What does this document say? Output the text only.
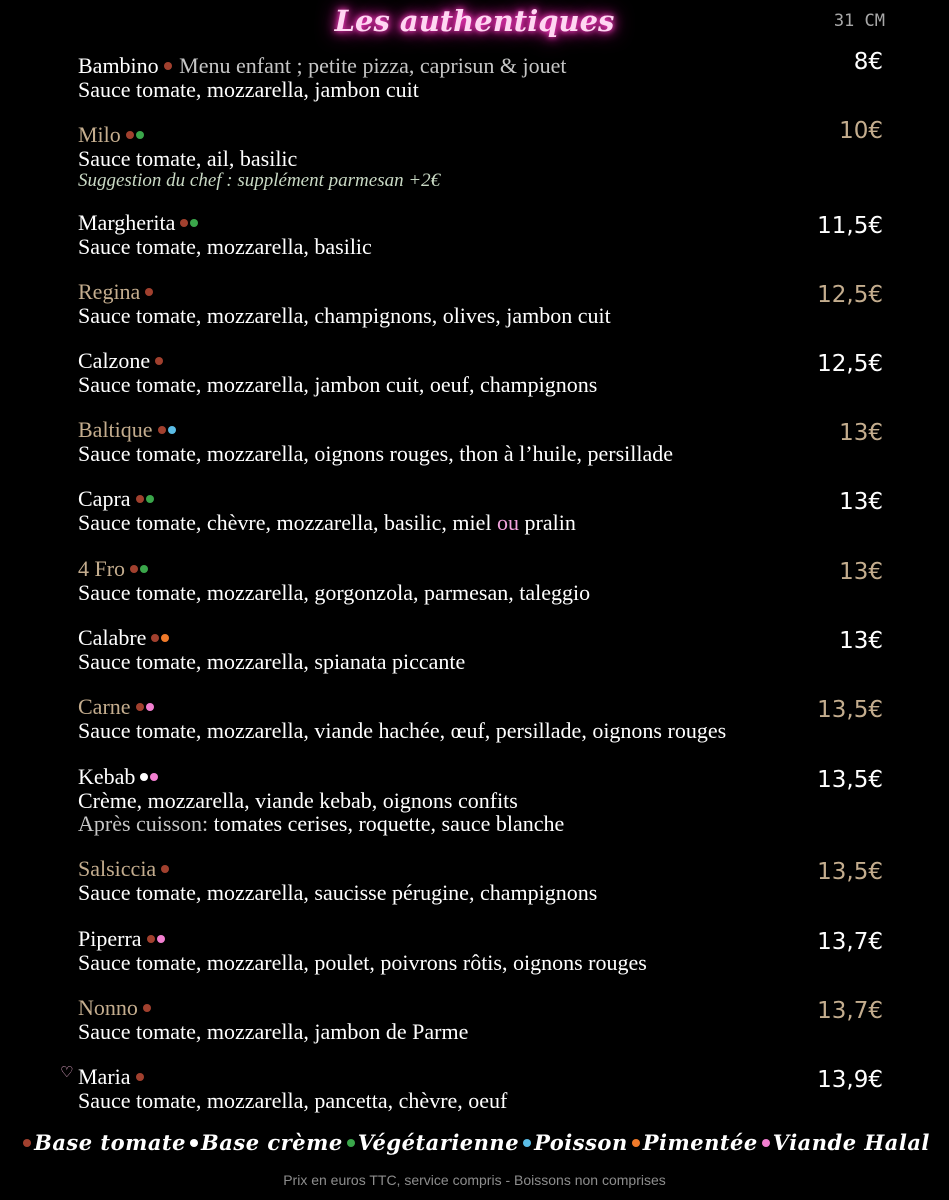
Les authentiques	31 CM
Bambino Menu enfant ; petite pizza, caprisun & jouet
Sauce tomate, mozzarella, jambon cuit
8€
Milo
Sauce tomate, ail, basilic
Suggestion du chef : supplément parmesan +2€
10€
Margherita
Sauce tomate, mozzarella, basilic
11,5€
Regina
Sauce tomate, mozzarella, champignons, olives, jambon cuit
12,5€
Calzone
Sauce tomate, mozzarella, jambon cuit, oeuf, champignons
12,5€
Baltique
Sauce tomate, mozzarella, oignons rouges, thon à l’huile, persillade
13€
Capra
Sauce tomate, chèvre, mozzarella, basilic, miel ou pralin
13€
4 Fro
Sauce tomate, mozzarella, gorgonzola, parmesan, taleggio
13€
Calabre
Sauce tomate, mozzarella, spianata piccante
13€
Carne
Sauce tomate, mozzarella, viande hachée, œuf, persillade, oignons rouges
13,5€
Kebab
Crème, mozzarella, viande kebab, oignons confits
Après cuisson: tomates cerises, roquette, sauce blanche
13,5€
Salsiccia
Sauce tomate, mozzarella, saucisse pérugine, champignons
13,5€
Piperra
Sauce tomate, mozzarella, poulet, poivrons rôtis, oignons rouges
13,7€
Nonno
Sauce tomate, mozzarella, jambon de Parme
13,7€
♡ Maria
Sauce tomate, mozzarella, pancetta, chèvre, oeuf
13,9€
Base tomate Base crème Végétarienne Poisson Pimentée Viande Halal
Prix en euros TTC, service compris - Boissons non comprises
